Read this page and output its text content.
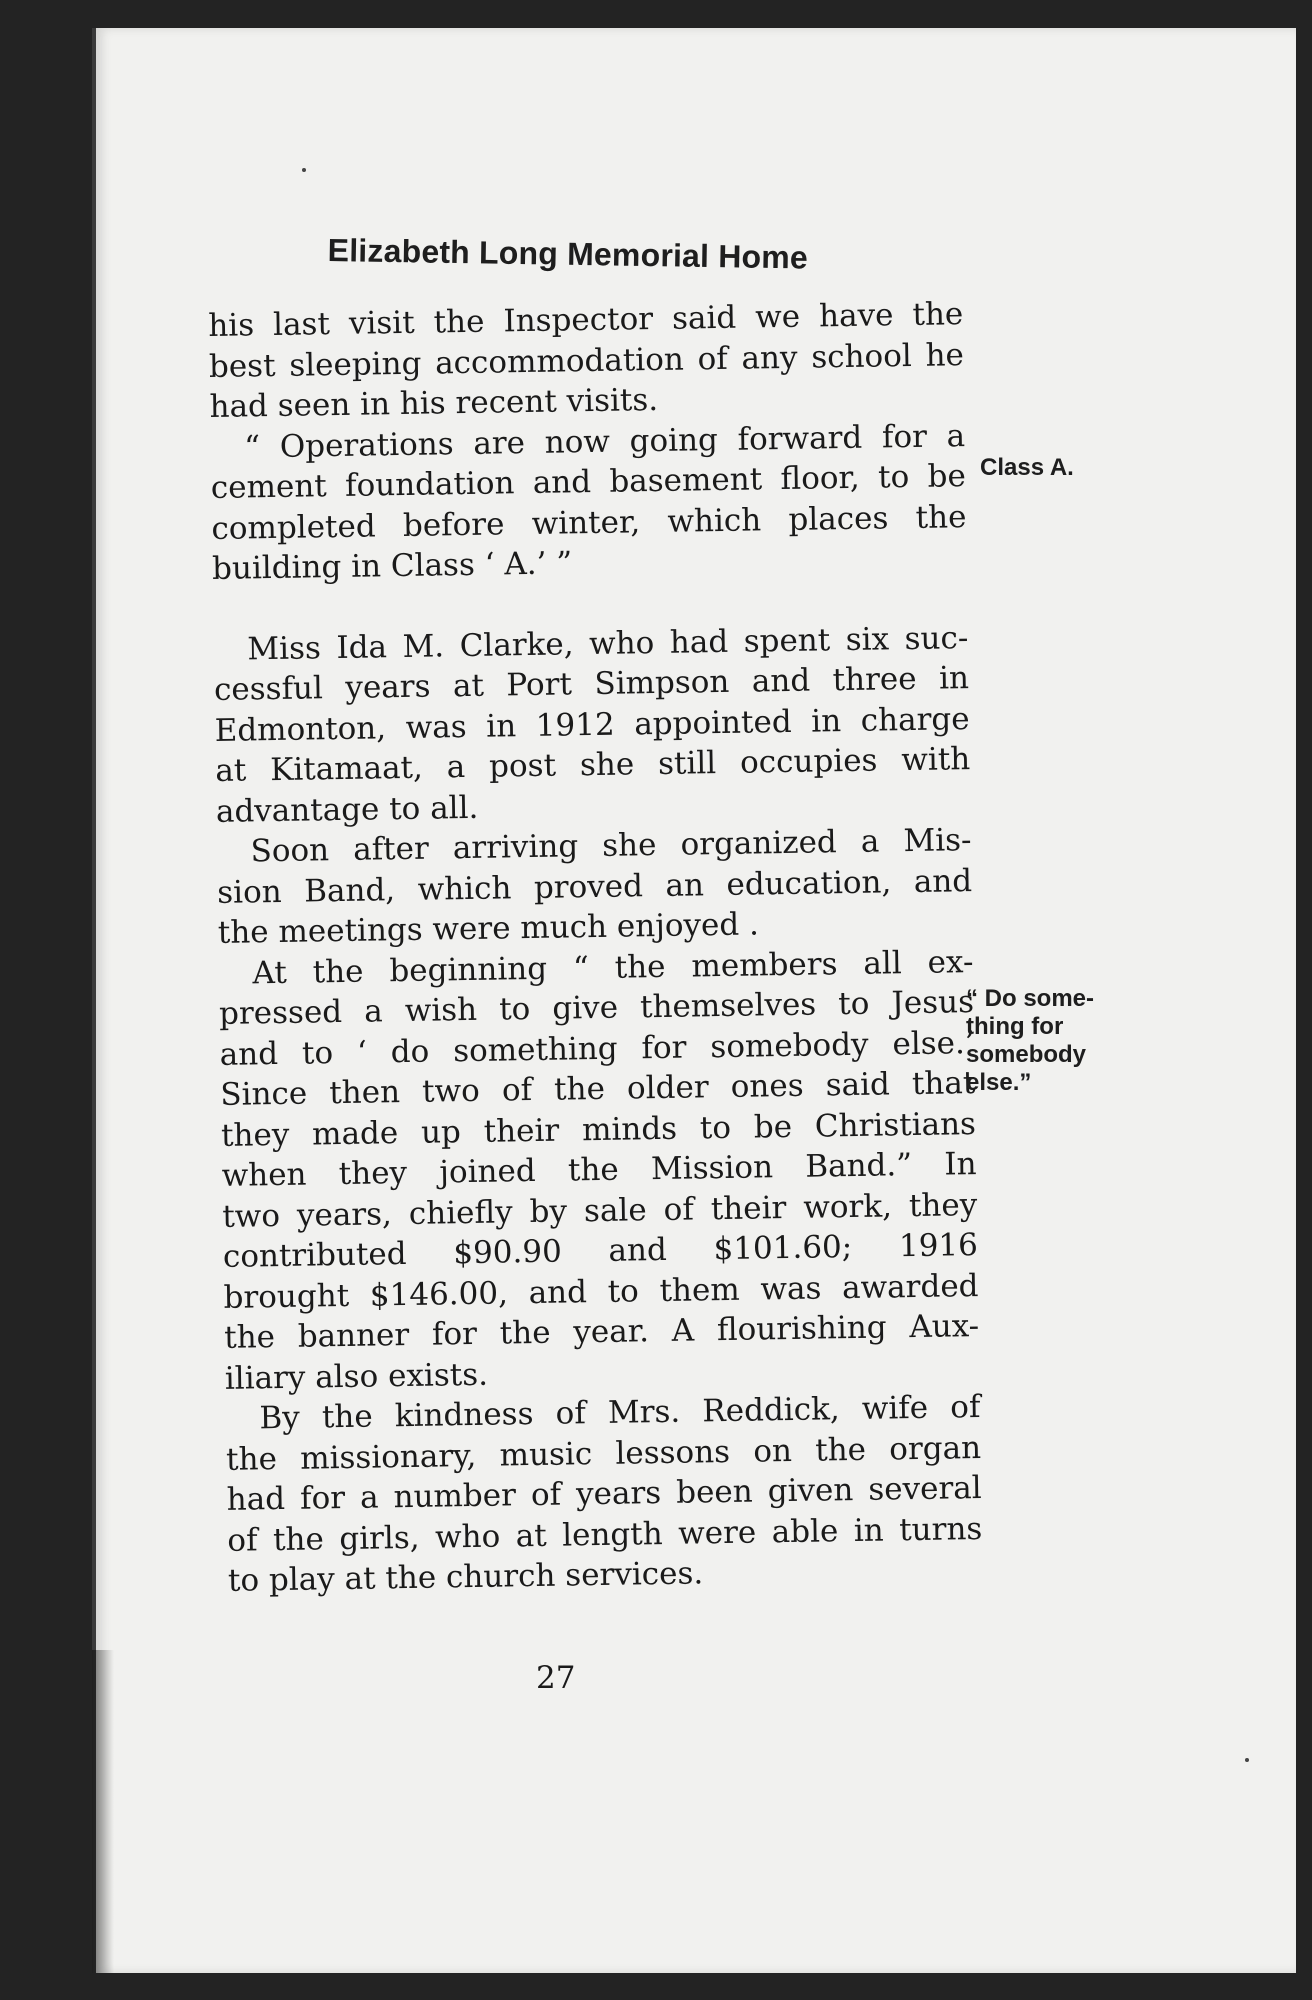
Elizabeth Long Memorial Home
his last visit the Inspector said we have the
best sleeping accommodation of any school he
had seen in his recent visits.
“ Operations are now going forward for a
cement foundation and basement floor, to be
completed before winter, which places the
building in Class ‘ A.’ ”
Miss Ida M. Clarke, who had spent six suc-
cessful years at Port Simpson and three in
Edmonton, was in 1912 appointed in charge
at Kitamaat, a post she still occupies with
advantage to all.
Soon after arriving she organized a Mis-
sion Band, which proved an education, and
the meetings were much enjoyed .
At the beginning “ the members all ex-
pressed a wish to give themselves to Jesus
and to ‘ do something for somebody else.’
Since then two of the older ones said that
they made up their minds to be Christians
when they joined the Mission Band.” In
two years, chiefly by sale of their work, they
contributed $90.90 and $101.60; 1916
brought $146.00, and to them was awarded
the banner for the year. A flourishing Aux-
iliary also exists.
By the kindness of Mrs. Reddick, wife of
the missionary, music lessons on the organ
had for a number of years been given several
of the girls, who at length were able in turns
to play at the church services.
Class A.
“ Do some-
thing for
somebody
else.”
27
